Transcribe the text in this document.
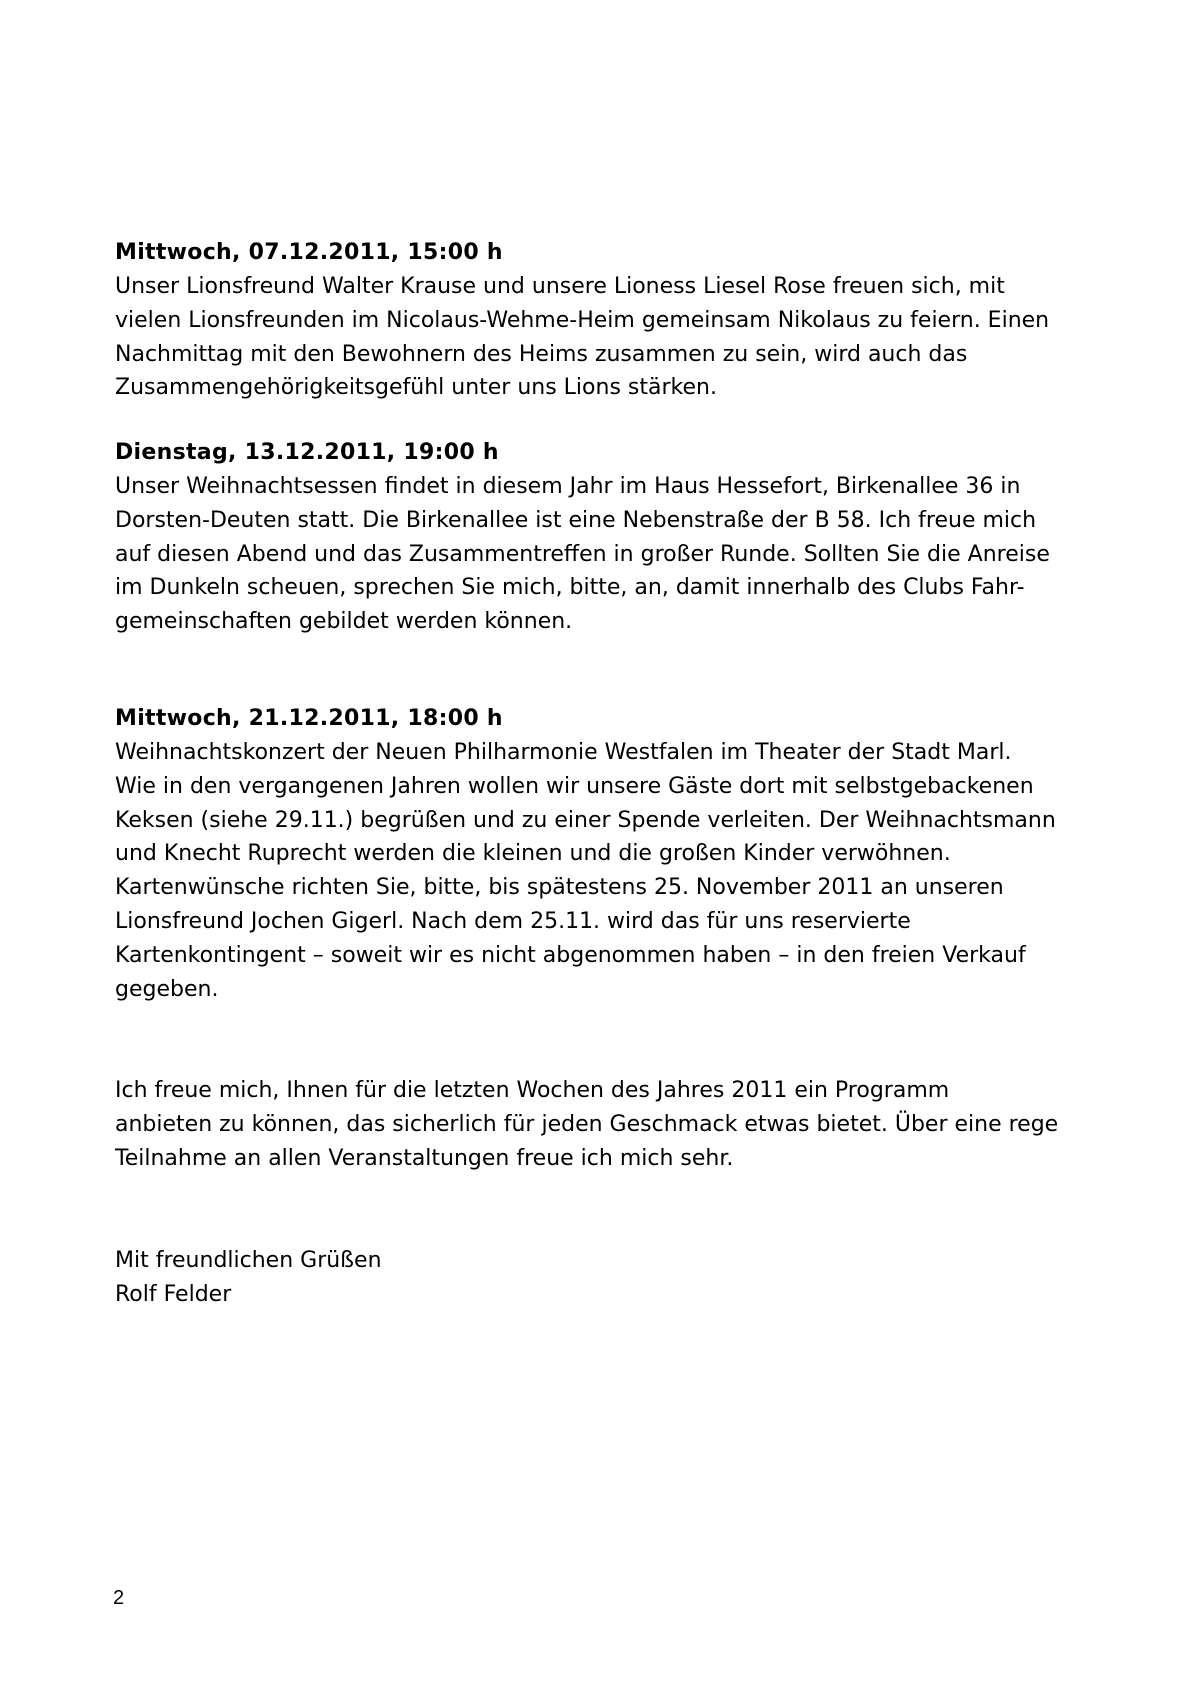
Mittwoch, 07.12.2011, 15:00 h

Unser Lionsfreund Walter Krause und unsere Lioness Liesel Rose freuen sich, mit

vielen Lionsfreunden im Nicolaus-Wehme-Heim gemeinsam Nikolaus zu feiern. Einen

Nachmittag mit den Bewohnern des Heims zusammen zu sein, wird auch das

Zusammengehörigkeitsgefühl unter uns Lions stärken.

Dienstag, 13.12.2011, 19:00 h

Unser Weihnachtsessen findet in diesem Jahr im Haus Hessefort, Birkenallee 36 in

Dorsten-Deuten statt. Die Birkenallee ist eine Nebenstraße der B 58. Ich freue mich

auf diesen Abend und das Zusammentreffen in großer Runde. Sollten Sie die Anreise

im Dunkeln scheuen, sprechen Sie mich, bitte, an, damit innerhalb des Clubs Fahr-

gemeinschaften gebildet werden können.

Mittwoch, 21.12.2011, 18:00 h

Weihnachtskonzert der Neuen Philharmonie Westfalen im Theater der Stadt Marl.

Wie in den vergangenen Jahren wollen wir unsere Gäste dort mit selbstgebackenen

Keksen (siehe 29.11.) begrüßen und zu einer Spende verleiten. Der Weihnachtsmann

und Knecht Ruprecht werden die kleinen und die großen Kinder verwöhnen.

Kartenwünsche richten Sie, bitte, bis spätestens 25. November 2011 an unseren

Lionsfreund Jochen Gigerl. Nach dem 25.11. wird das für uns reservierte

Kartenkontingent – soweit wir es nicht abgenommen haben – in den freien Verkauf

gegeben.

Ich freue mich, Ihnen für die letzten Wochen des Jahres 2011 ein Programm

anbieten zu können, das sicherlich für jeden Geschmack etwas bietet. Über eine rege

Teilnahme an allen Veranstaltungen freue ich mich sehr.

Mit freundlichen Grüßen

Rolf Felder

2
